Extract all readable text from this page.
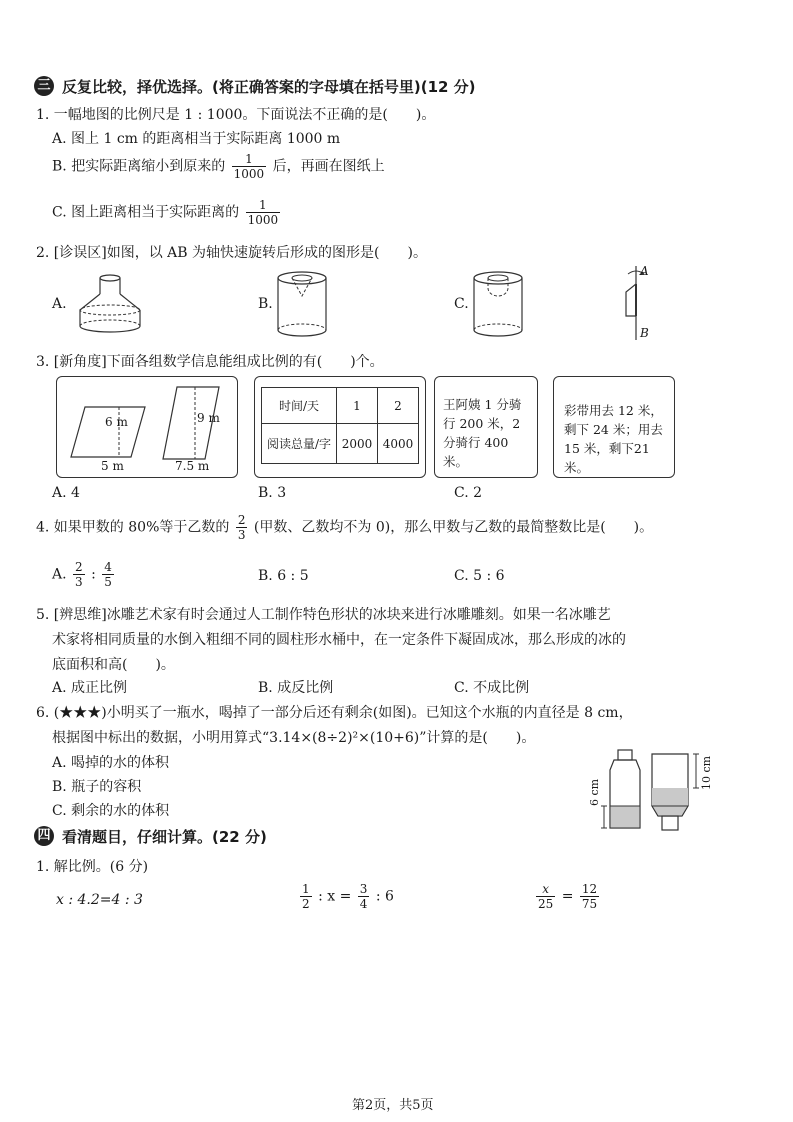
三 反复比较，择优选择。(将正确答案的字母填在括号里)(12 分)
1. 一幅地图的比例尺是 1 : 1000。下面说法不正确的是(　　)。
A. 图上 1 cm 的距离相当于实际距离 1000 m
B. 把实际距离缩小到原来的 $\frac{1}{1000}$ 后，再画在图纸上
C. 图上距离相当于实际距离的 $\frac{1}{1000}$
2. [诊误区]如图，以 AB 为轴快速旋转后形成的图形是(　　)。
A.	B.	C.
A
B
3. [新角度]下面各组数学信息能组成比例的有(　　)个。
6 m
5 m
9 m
7.5 m
时间/天	1	2
阅读总量/字	2000	4000
王阿姨 1 分骑行 200 米，2 分骑行 400 米。
彩带用去 12 米，剩下 24 米；用去 15 米，剩下21 米。
A. 4	B. 3	C. 2
4. 如果甲数的 80%等于乙数的 $\frac{2}{3}$ (甲数、乙数均不为 0)，那么甲数与乙数的最简整数比是(　　)。
A. $\frac{2}{3}$ : $\frac{4}{5}$	B. 6 : 5	C. 5 : 6
5. [辨思维]冰雕艺术家有时会通过人工制作特色形状的冰块来进行冰雕雕刻。如果一名冰雕艺
术家将相同质量的水倒入粗细不同的圆柱形水桶中，在一定条件下凝固成冰，那么形成的冰的
底面积和高(　　)。
A. 成正比例	B. 成反比例	C. 不成比例
6. (★★★)小明买了一瓶水，喝掉了一部分后还有剩余(如图)。已知这个水瓶的内直径是 8 cm，
根据图中标出的数据，小明用算式“3.14×(8÷2)²×(10+6)”计算的是(　　)。
A. 喝掉的水的体积
B. 瓶子的容积
C. 剩余的水的体积
6 cm
10 cm
四 看清题目，仔细计算。(22 分)
1. 解比例。(6 分)
x : 4.2=4 : 3	$\frac{1}{2}$ : $x = \frac{3}{4}$ : 6	$\frac{x}{25} = \frac{12}{75}$
第2页，共5页
